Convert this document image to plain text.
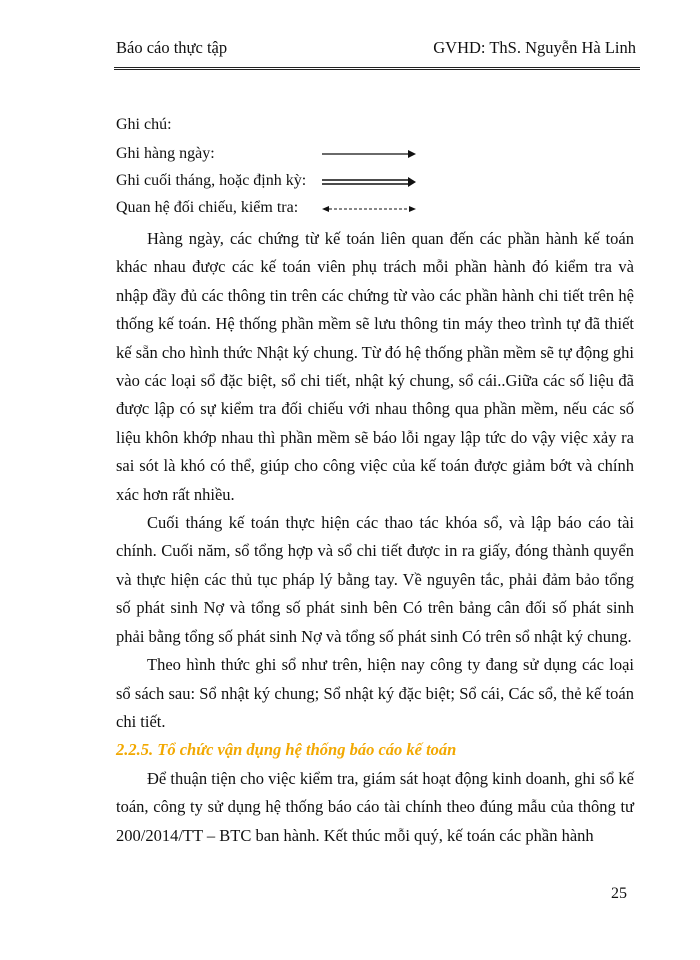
Báo cáo thực tập	GVHD: ThS. Nguyễn Hà Linh
Ghi chú:
Ghi hàng ngày:
Ghi cuối tháng, hoặc định kỳ:
Quan hệ đối chiếu, kiểm tra:

Hàng ngày, các chứng từ kế toán liên quan đến các phần hành kế toán khác nhau được các kế toán viên phụ trách mỗi phần hành đó kiểm tra và nhập đầy đủ các thông tin trên các chứng từ vào các phần hành chi tiết trên hệ thống kế toán. Hệ thống phần mềm sẽ lưu thông tin máy theo trình tự đã thiết kế sẵn cho hình thức Nhật ký chung. Từ đó hệ thống phần mềm sẽ tự động ghi vào các loại sổ đặc biệt, sổ chi tiết, nhật ký chung, sổ cái..Giữa các số liệu đã được lập có sự kiểm tra đối chiếu với nhau thông qua phần mềm, nếu các số liệu khôn khớp nhau thì phần mềm sẽ báo lỗi ngay lập tức do vậy việc xảy ra sai sót là khó có thể, giúp cho công việc của kế toán được giảm bớt và chính xác hơn rất nhiều.

Cuối tháng kế toán thực hiện các thao tác khóa sổ, và lập báo cáo tài chính. Cuối năm, sổ tổng hợp và sổ chi tiết được in ra giấy, đóng thành quyển và thực hiện các thủ tục pháp lý bằng tay. Về nguyên tắc, phải đảm bảo tổng số phát sinh Nợ và tổng số phát sinh bên Có trên bảng cân đối số phát sinh phải bằng tổng số phát sinh Nợ và tổng số phát sinh Có trên sổ nhật ký chung.

Theo hình thức ghi sổ như trên, hiện nay công ty đang sử dụng các loại sổ sách sau: Sổ nhật ký chung; Sổ nhật ký đặc biệt; Sổ cái, Các sổ, thẻ kế toán chi tiết.

2.2.5. Tổ chức vận dụng hệ thống báo cáo kế toán

Để thuận tiện cho việc kiểm tra, giám sát hoạt động kinh doanh, ghi sổ kế toán, công ty sử dụng hệ thống báo cáo tài chính theo đúng mẫu của thông tư 200/2014/TT – BTC ban hành. Kết thúc mỗi quý, kế toán các phần hành

25
